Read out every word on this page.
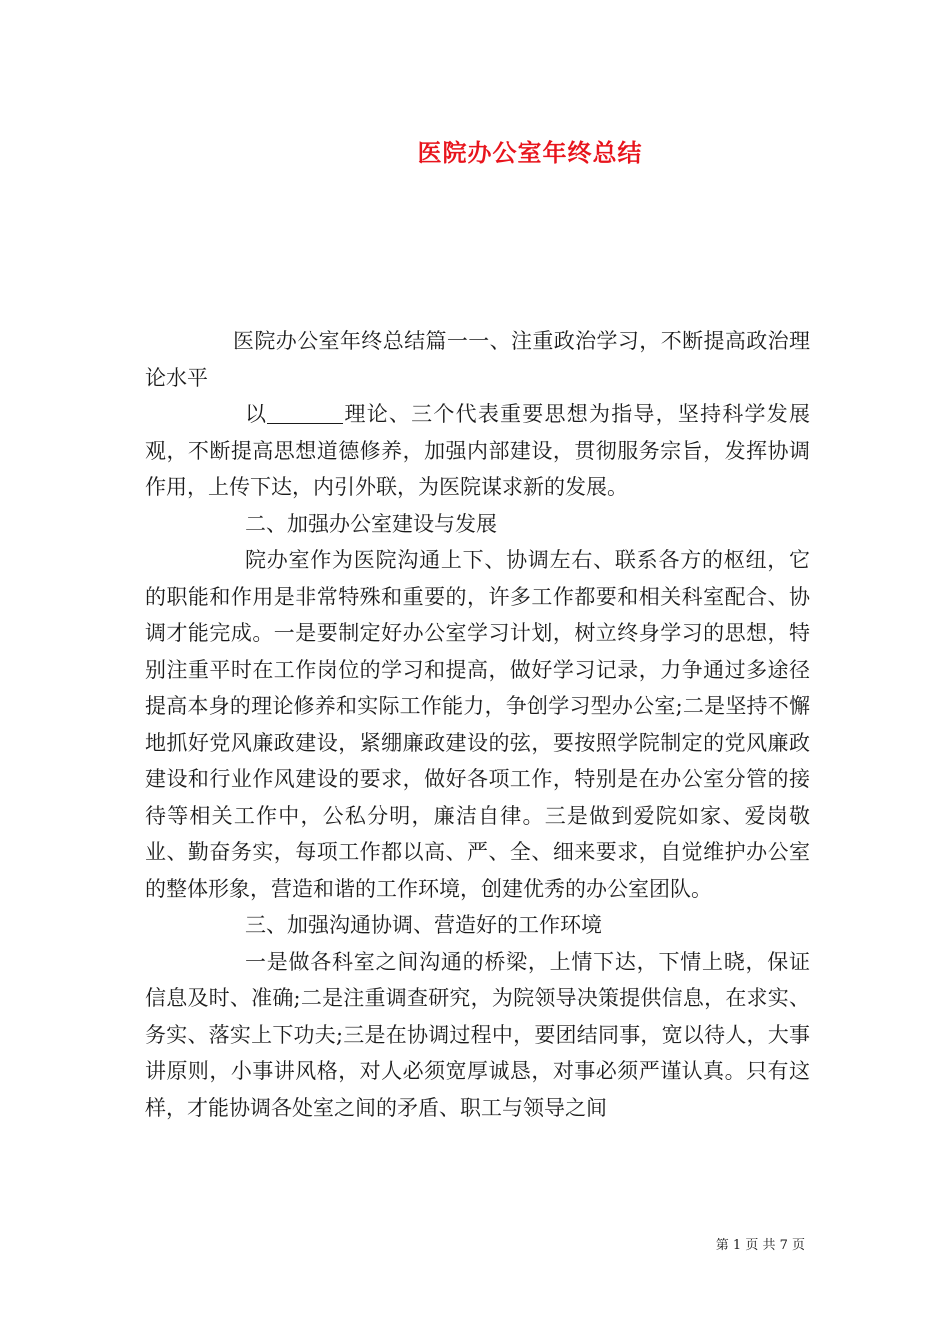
医院办公室年终总结

医院办公室年终总结篇一一、注重政治学习，不断提高政治理论水平

以	理论、三个代表重要思想为指导，坚持科学发展观，不断提高思想道德修养，加强内部建设，贯彻服务宗旨，发挥协调作用，上传下达，内引外联，为医院谋求新的发展。

二、加强办公室建设与发展

院办室作为医院沟通上下、协调左右、联系各方的枢纽，它的职能和作用是非常特殊和重要的，许多工作都要和相关科室配合、协调才能完成。一是要制定好办公室学习计划，树立终身学习的思想，特别注重平时在工作岗位的学习和提高，做好学习记录，力争通过多途径提高本身的理论修养和实际工作能力，争创学习型办公室;二是坚持不懈地抓好党风廉政建设，紧绷廉政建设的弦，要按照学院制定的党风廉政建设和行业作风建设的要求，做好各项工作，特别是在办公室分管的接待等相关工作中，公私分明，廉洁自律。三是做到爱院如家、爱岗敬业、勤奋务实，每项工作都以高、严、全、细来要求，自觉维护办公室的整体形象，营造和谐的工作环境，创建优秀的办公室团队。

三、加强沟通协调、营造好的工作环境

一是做各科室之间沟通的桥梁，上情下达，下情上晓，保证信息及时、准确;二是注重调查研究，为院领导决策提供信息，在求实、务实、落实上下功夫;三是在协调过程中，要团结同事，宽以待人，大事讲原则，小事讲风格，对人必须宽厚诚恳，对事必须严谨认真。只有这样，才能协调各处室之间的矛盾、职工与领导之间

第 1 页 共 7 页
